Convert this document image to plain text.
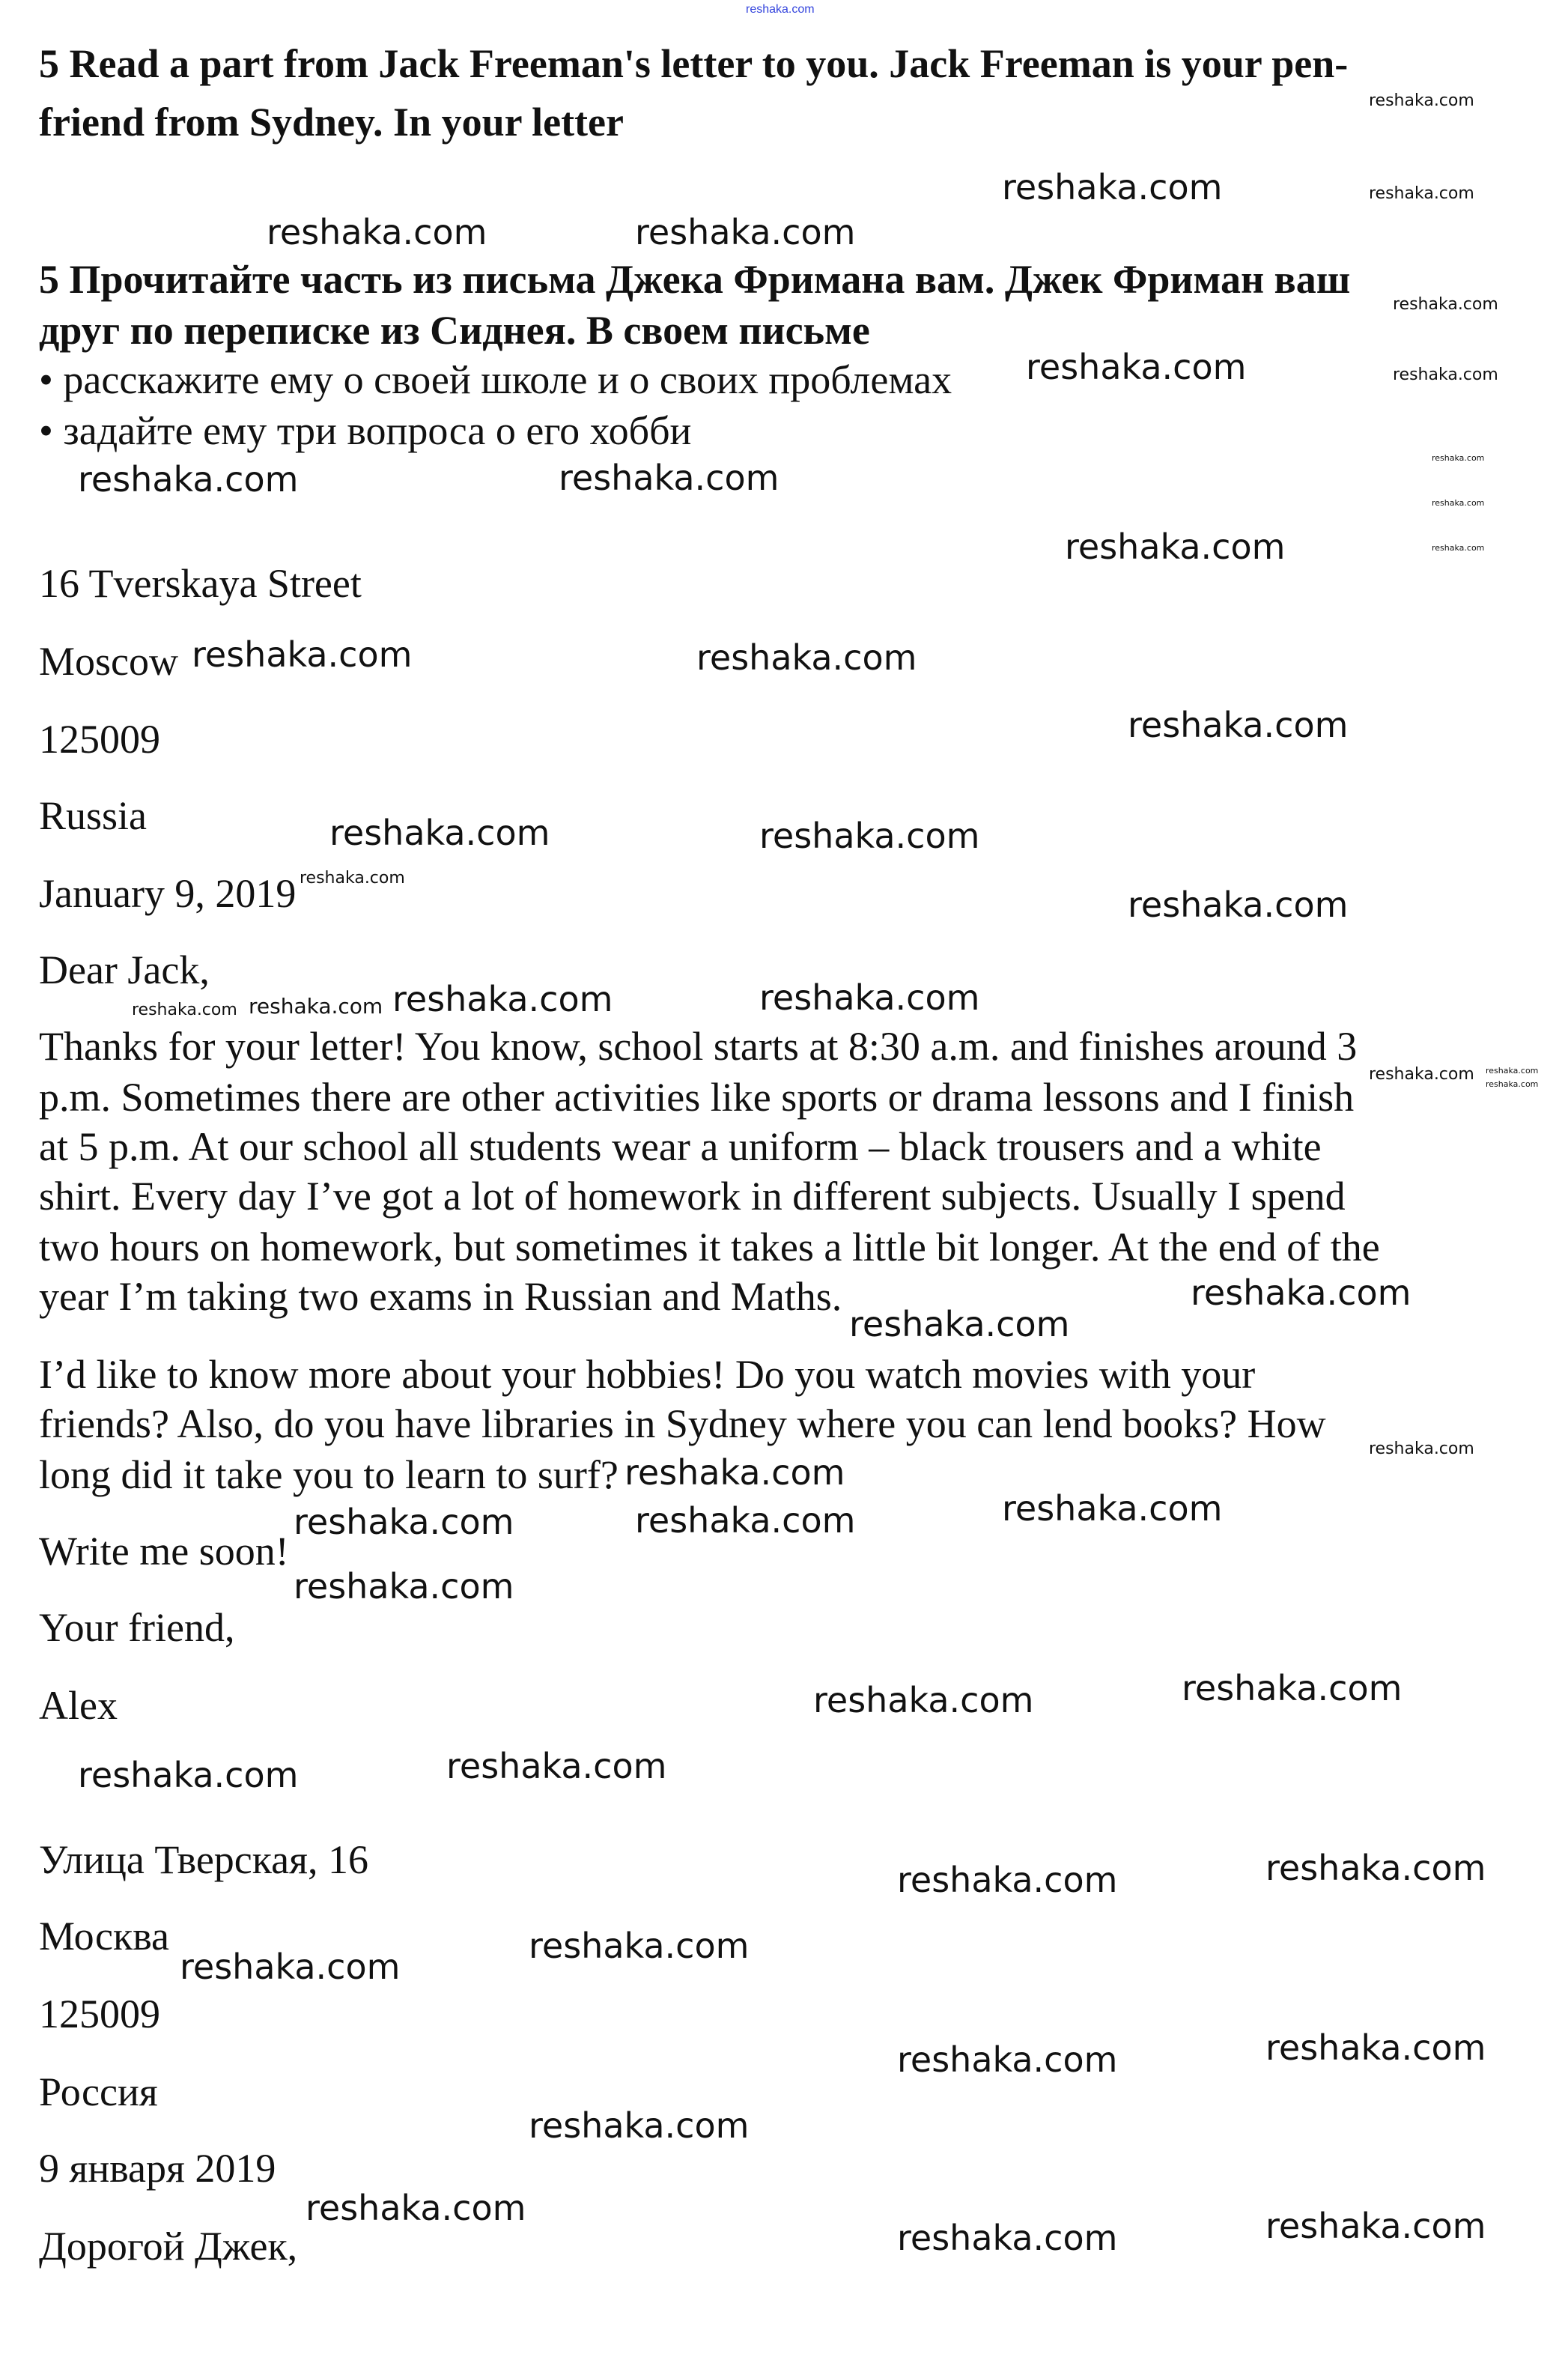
reshaka.com
5 Read a part from Jack Freeman's letter to you. Jack Freeman is your pen-
friend from Sydney. In your letter
5 Прочитайте часть из письма Джека Фримана вам. Джек Фриман ваш
друг по переписке из Сиднея. В своем письме
• расскажите ему о своей школе и о своих проблемах
• задайте ему три вопроса о его хобби
16 Tverskaya Street
Moscow
125009
Russia
January 9, 2019
Dear Jack,
Thanks for your letter! You know, school starts at 8:30 a.m. and finishes around 3
p.m. Sometimes there are other activities like sports or drama lessons and I finish
at 5 p.m. At our school all students wear a uniform – black trousers and a white
shirt. Every day I’ve got a lot of homework in different subjects. Usually I spend
two hours on homework, but sometimes it takes a little bit longer. At the end of the
year I’m taking two exams in Russian and Maths.
I’d like to know more about your hobbies! Do you watch movies with your
friends? Also, do you have libraries in Sydney where you can lend books? How
long did it take you to learn to surf?
Write me soon!
Your friend,
Alex
Улица Тверская, 16
Москва
125009
Россия
9 января 2019
Дорогой Джек,
reshaka.com
reshaka.com	reshaka.com
reshaka.com
reshaka.com	reshaka.com
reshaka.com
reshaka.com	reshaka.com
reshaka.com
reshaka.com	reshaka.com
reshaka.com
reshaka.com	reshaka.com
reshaka.com
reshaka.com
reshaka.com
reshaka.com
reshaka.com	reshaka.com
reshaka.com
reshaka.com	reshaka.com
reshaka.com	reshaka.com
reshaka.com	reshaka.com
reshaka.com
reshaka.com
reshaka.com	reshaka.com
reshaka.com
reshaka.com
reshaka.com	reshaka.com
reshaka.com
reshaka.com
reshaka.com
reshaka.com
reshaka.com
reshaka.com
reshaka.com
reshaka.com
reshaka.com
reshaka.com
reshaka.com
reshaka.com
reshaka.com
reshaka.com
